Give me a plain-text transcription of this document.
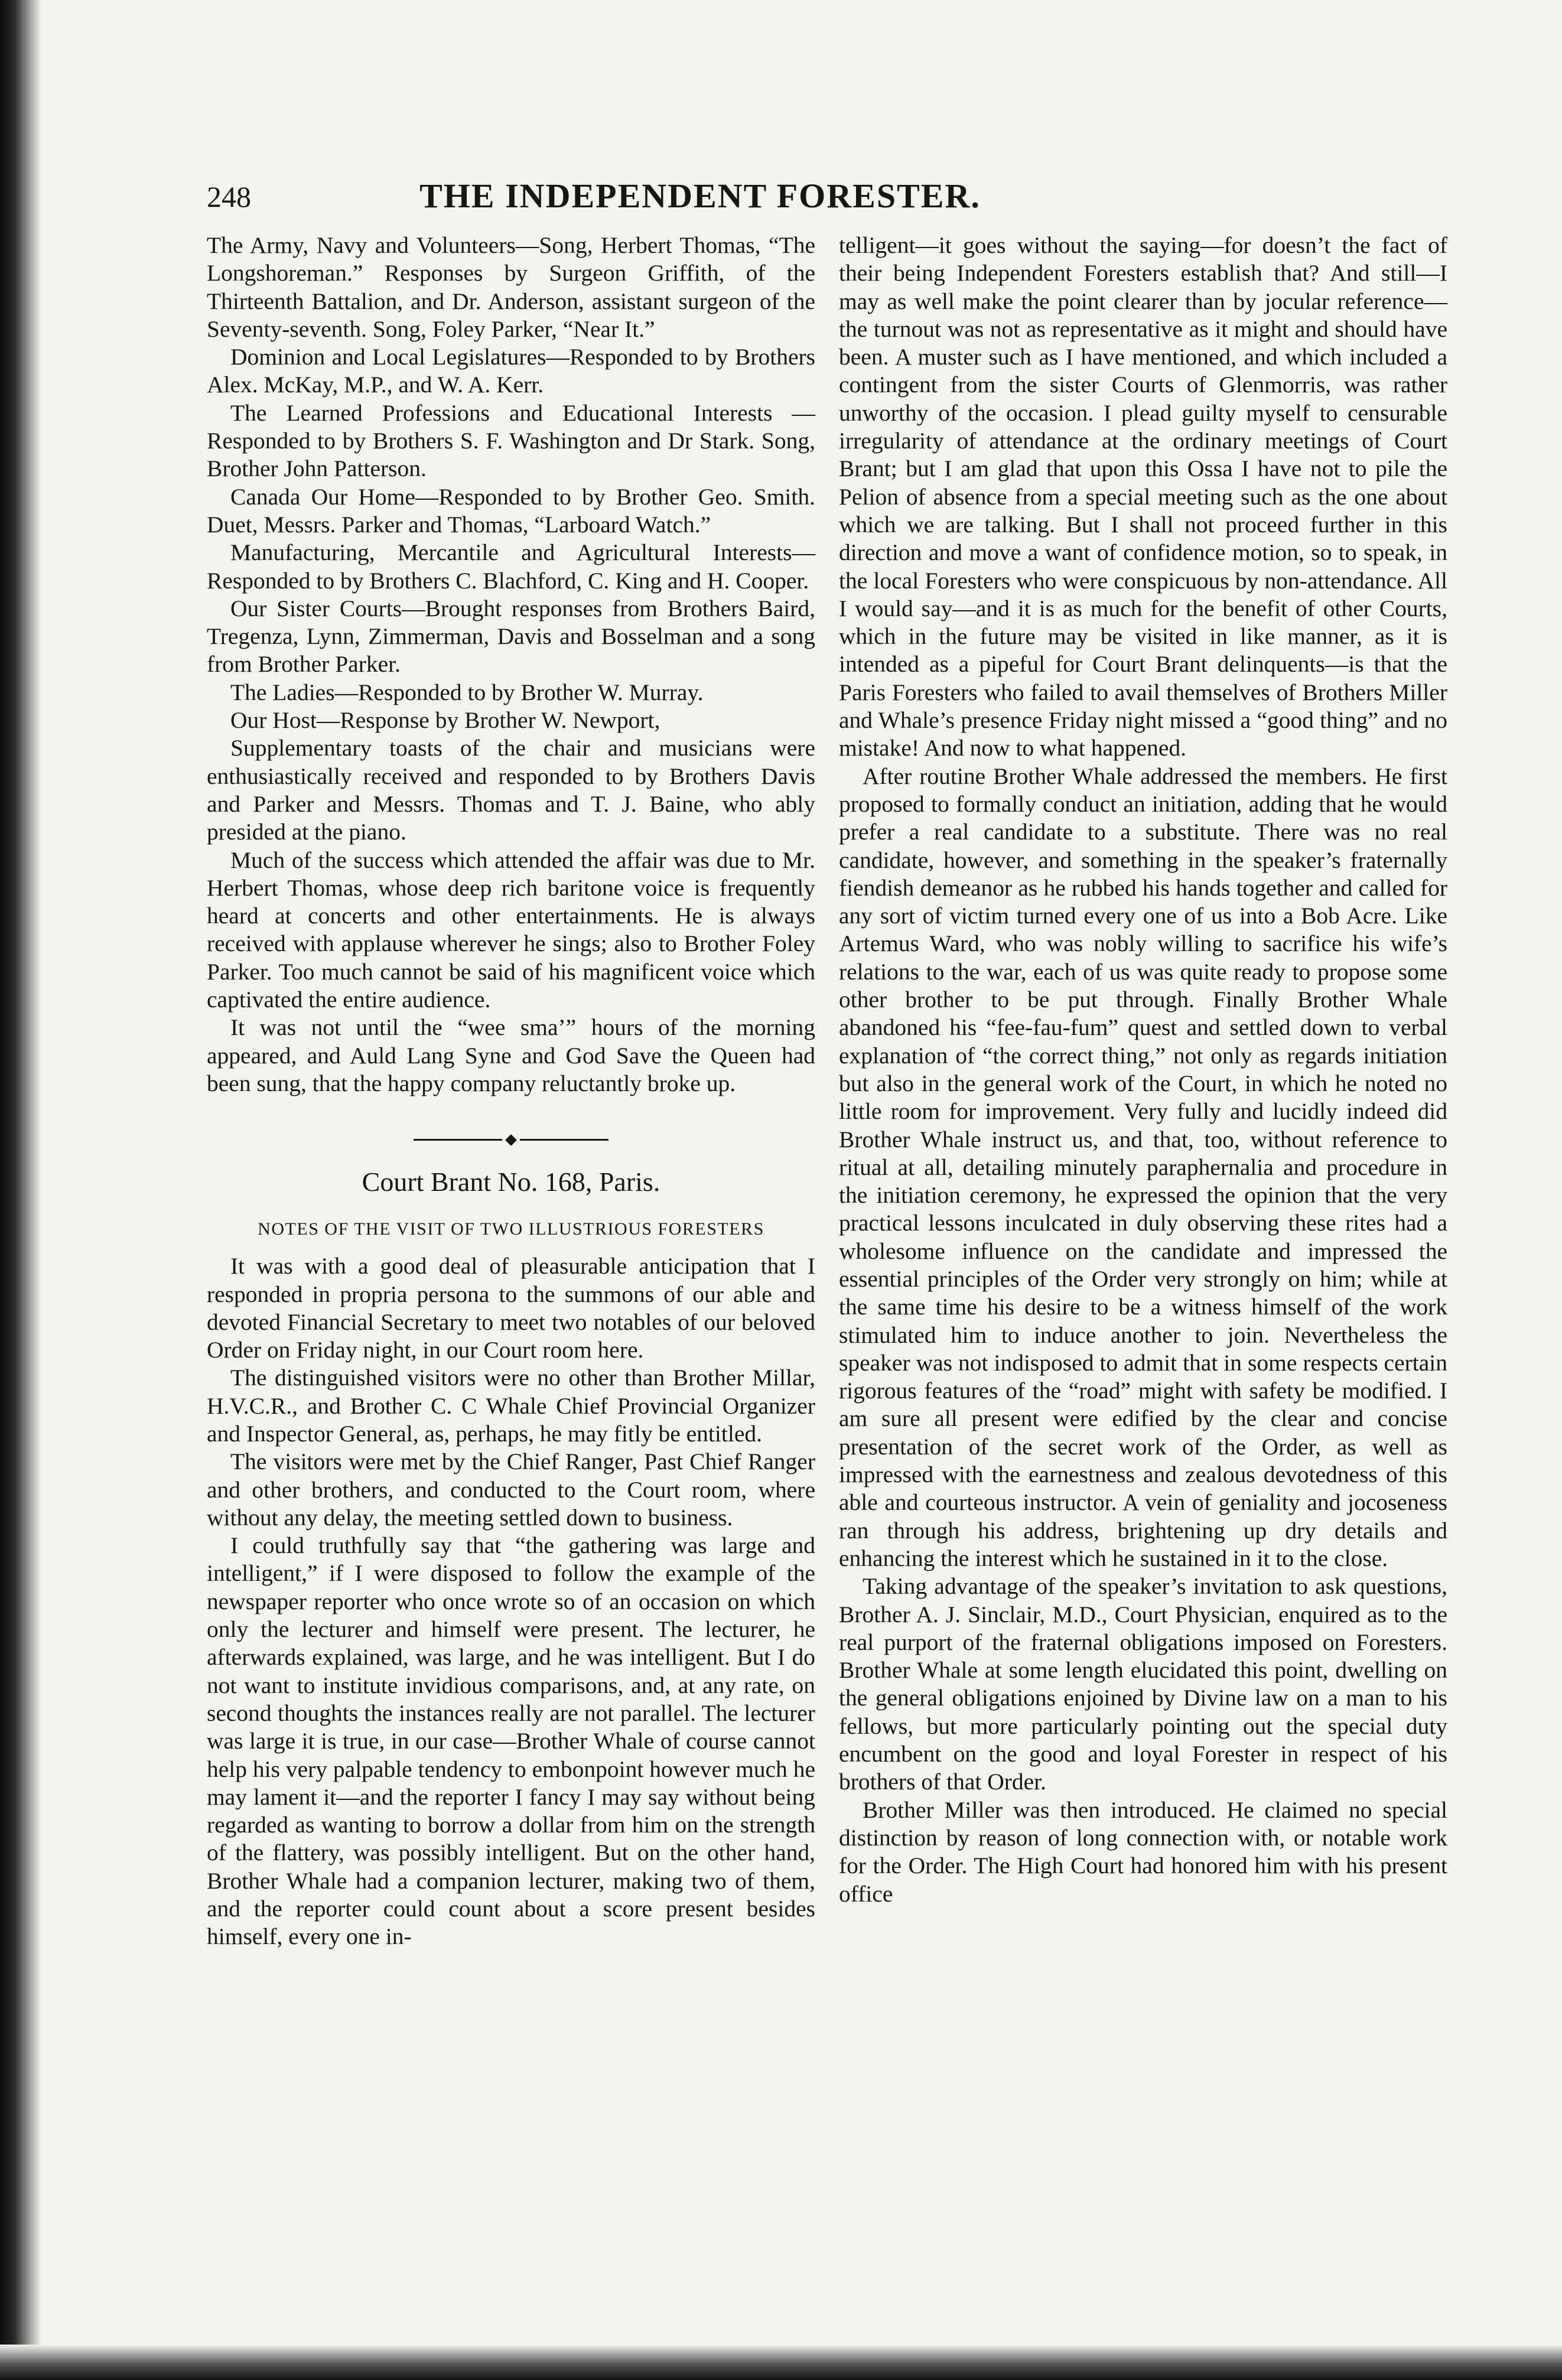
248	THE INDEPENDENT FORESTER.

The Army, Navy and Volunteers—Song, Herbert Thomas, “The Longshoreman.” Responses by Surgeon Griffith, of the Thirteenth Battalion, and Dr. Anderson, assistant surgeon of the Seventy-seventh. Song, Foley Parker, “Near It.”

Dominion and Local Legislatures—Responded to by Brothers Alex. McKay, M.P., and W. A. Kerr.

The Learned Professions and Educational Interests —Responded to by Brothers S. F. Washington and Dr Stark. Song, Brother John Patterson.

Canada Our Home—Responded to by Brother Geo. Smith. Duet, Messrs. Parker and Thomas, “Larboard Watch.”

Manufacturing, Mercantile and Agricultural Interests—Responded to by Brothers C. Blachford, C. King and H. Cooper.

Our Sister Courts—Brought responses from Brothers Baird, Tregenza, Lynn, Zimmerman, Davis and Bosselman and a song from Brother Parker.

The Ladies—Responded to by Brother W. Murray.

Our Host—Response by Brother W. Newport,

Supplementary toasts of the chair and musicians were enthusiastically received and responded to by Brothers Davis and Parker and Messrs. Thomas and T. J. Baine, who ably presided at the piano.

Much of the success which attended the affair was due to Mr. Herbert Thomas, whose deep rich baritone voice is frequently heard at concerts and other entertainments. He is always received with applause wherever he sings; also to Brother Foley Parker. Too much cannot be said of his magnificent voice which captivated the entire audience.

It was not until the “wee sma’” hours of the morning appeared, and Auld Lang Syne and God Save the Queen had been sung, that the happy company reluctantly broke up.

Court Brant No. 168, Paris.
NOTES OF THE VISIT OF TWO ILLUSTRIOUS FORESTERS

It was with a good deal of pleasurable anticipation that I responded in propria persona to the summons of our able and devoted Financial Secretary to meet two notables of our beloved Order on Friday night, in our Court room here.

The distinguished visitors were no other than Brother Millar, H.V.C.R., and Brother C. C Whale Chief Provincial Organizer and Inspector General, as, perhaps, he may fitly be entitled.

The visitors were met by the Chief Ranger, Past Chief Ranger and other brothers, and conducted to the Court room, where without any delay, the meeting settled down to business.

I could truthfully say that “the gathering was large and intelligent,” if I were disposed to follow the example of the newspaper reporter who once wrote so of an occasion on which only the lecturer and himself were present. The lecturer, he afterwards explained, was large, and he was intelligent. But I do not want to institute invidious comparisons, and, at any rate, on second thoughts the instances really are not parallel. The lecturer was large it is true, in our case—Brother Whale of course cannot help his very palpable tendency to embonpoint however much he may lament it—and the reporter I fancy I may say without being regarded as wanting to borrow a dollar from him on the strength of the flattery, was possibly intelligent. But on the other hand, Brother Whale had a companion lecturer, making two of them, and the reporter could count about a score present besides himself, every one in-

telligent—it goes without the saying—for doesn’t the fact of their being Independent Foresters establish that? And still—I may as well make the point clearer than by jocular reference—the turnout was not as representative as it might and should have been. A muster such as I have mentioned, and which included a contingent from the sister Courts of Glenmorris, was rather unworthy of the occasion. I plead guilty myself to censurable irregularity of attendance at the ordinary meetings of Court Brant; but I am glad that upon this Ossa I have not to pile the Pelion of absence from a special meeting such as the one about which we are talking. But I shall not proceed further in this direction and move a want of confidence motion, so to speak, in the local Foresters who were conspicuous by non-attendance. All I would say—and it is as much for the benefit of other Courts, which in the future may be visited in like manner, as it is intended as a pipeful for Court Brant delinquents—is that the Paris Foresters who failed to avail themselves of Brothers Miller and Whale’s presence Friday night missed a “good thing” and no mistake! And now to what happened.

After routine Brother Whale addressed the members. He first proposed to formally conduct an initiation, adding that he would prefer a real candidate to a substitute. There was no real candidate, however, and something in the speaker’s fraternally fiendish demeanor as he rubbed his hands together and called for any sort of victim turned every one of us into a Bob Acre. Like Artemus Ward, who was nobly willing to sacrifice his wife’s relations to the war, each of us was quite ready to propose some other brother to be put through. Finally Brother Whale abandoned his “fee-fau-fum” quest and settled down to verbal explanation of “the correct thing,” not only as regards initiation but also in the general work of the Court, in which he noted no little room for improvement. Very fully and lucidly indeed did Brother Whale instruct us, and that, too, without reference to ritual at all, detailing minutely paraphernalia and procedure in the initiation ceremony, he expressed the opinion that the very practical lessons inculcated in duly observing these rites had a wholesome influence on the candidate and impressed the essential principles of the Order very strongly on him; while at the same time his desire to be a witness himself of the work stimulated him to induce another to join. Nevertheless the speaker was not indisposed to admit that in some respects certain rigorous features of the “road” might with safety be modified. I am sure all present were edified by the clear and concise presentation of the secret work of the Order, as well as impressed with the earnestness and zealous devotedness of this able and courteous instructor. A vein of geniality and jocoseness ran through his address, brightening up dry details and enhancing the interest which he sustained in it to the close.

Taking advantage of the speaker’s invitation to ask questions, Brother A. J. Sinclair, M.D., Court Physician, enquired as to the real purport of the fraternal obligations imposed on Foresters. Brother Whale at some length elucidated this point, dwelling on the general obligations enjoined by Divine law on a man to his fellows, but more particularly pointing out the special duty encumbent on the good and loyal Forester in respect of his brothers of that Order.

Brother Miller was then introduced. He claimed no special distinction by reason of long connection with, or notable work for the Order. The High Court had honored him with his present office
